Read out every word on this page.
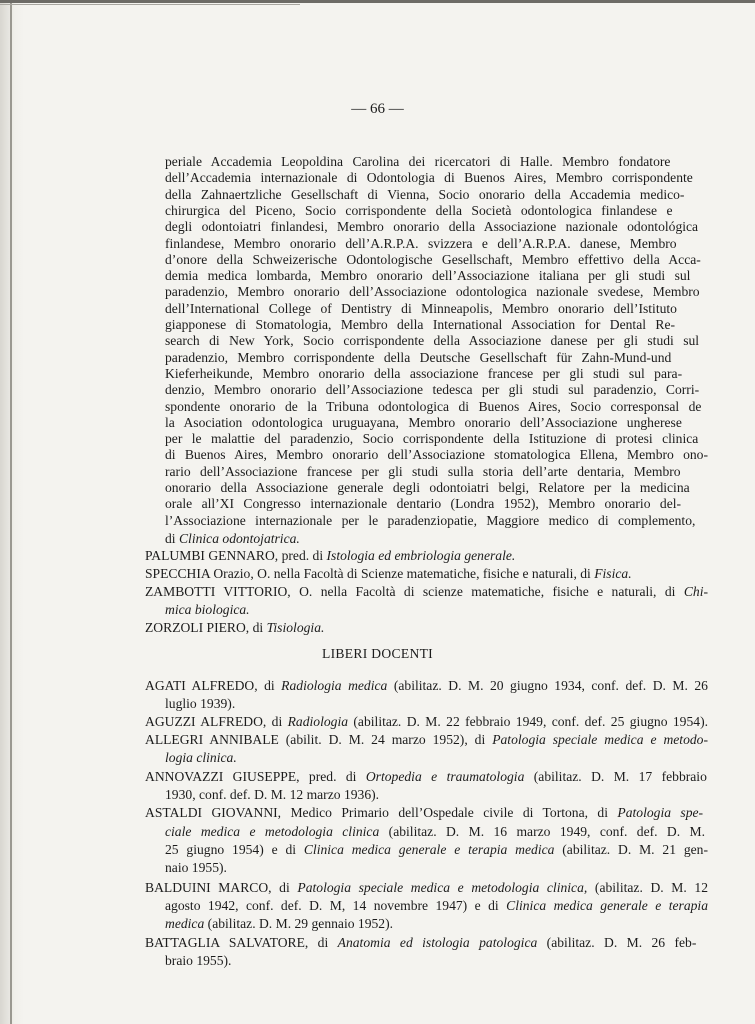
— 66 —
LIBERI DOCENTI
periale Accademia Leopoldina Carolina dei ricercatori di Halle. Membro fondatore
dell’Accademia internazionale di Odontologia di Buenos Aires, Membro corrispondente
della Zahnaertzliche Gesellschaft di Vienna, Socio onorario della Accademia medico-
chirurgica del Piceno, Socio corrispondente della Società odontologica finlandese e
degli odontoiatri finlandesi, Membro onorario della Associazione nazionale odontológica
finlandese, Membro onorario dell’A.R.P.A. svizzera e dell’A.R.P.A. danese, Membro
d’onore della Schweizerische Odontologische Gesellschaft, Membro effettivo della Acca-
demia medica lombarda, Membro onorario dell’Associazione italiana per gli studi sul
paradenzio, Membro onorario dell’Associazione odontologica nazionale svedese, Membro
dell’International College of Dentistry di Minneapolis, Membro onorario dell’Istituto
giapponese di Stomatologia, Membro della International Association for Dental Re-
search di New York, Socio corrispondente della Associazione danese per gli studi sul
paradenzio, Membro corrispondente della Deutsche Gesellschaft für Zahn-Mund-und
Kieferheikunde, Membro onorario della associazione francese per gli studi sul para-
denzio, Membro onorario dell’Associazione tedesca per gli studi sul paradenzio, Corri-
spondente onorario de la Tribuna odontologica di Buenos Aires, Socio corresponsal de
la Asociation odontologica uruguayana, Membro onorario dell’Associazione ungherese
per le malattie del paradenzio, Socio corrispondente della Istituzione di protesi clinica
di Buenos Aires, Membro onorario dell’Associazione stomatologica Ellena, Membro ono-
rario dell’Associazione francese per gli studi sulla storia dell’arte dentaria, Membro
onorario della Associazione generale degli odontoiatri belgi, Relatore per la medicina
orale all’XI Congresso internazionale dentario (Londra 1952), Membro onorario del-
l’Associazione internazionale per le paradenziopatie, Maggiore medico di complemento,
di Clinica odontojatrica.
PALUMBI GENNARO, pred. di Istologia ed embriologia generale.
SPECCHIA Orazio, O. nella Facoltà di Scienze matematiche, fisiche e naturali, di Fisica.
ZAMBOTTI VITTORIO, O. nella Facoltà di scienze matematiche, fisiche e naturali, di Chi-
mica biologica.
ZORZOLI PIERO, di Tisiologia.
AGATI ALFREDO, di Radiologia medica (abilitaz. D. M. 20 giugno 1934, conf. def. D. M. 26
luglio 1939).
AGUZZI ALFREDO, di Radiologia (abilitaz. D. M. 22 febbraio 1949, conf. def. 25 giugno 1954).
ALLEGRI ANNIBALE (abilit. D. M. 24 marzo 1952), di Patologia speciale medica e metodo-
logia clinica.
ANNOVAZZI GIUSEPPE, pred. di Ortopedia e traumatologia (abilitaz. D. M. 17 febbraio
1930, conf. def. D. M. 12 marzo 1936).
ASTALDI GIOVANNI, Medico Primario dell’Ospedale civile di Tortona, di Patologia spe-
ciale medica e metodologia clinica (abilitaz. D. M. 16 marzo 1949, conf. def. D. M.
25 giugno 1954) e di Clinica medica generale e terapia medica (abilitaz. D. M. 21 gen-
naio 1955).
BALDUINI MARCO, di Patologia speciale medica e metodologia clinica, (abilitaz. D. M. 12
agosto 1942, conf. def. D. M, 14 novembre 1947) e di Clinica medica generale e terapia
medica (abilitaz. D. M. 29 gennaio 1952).
BATTAGLIA SALVATORE, di Anatomia ed istologia patologica (abilitaz. D. M. 26 feb-
braio 1955).
